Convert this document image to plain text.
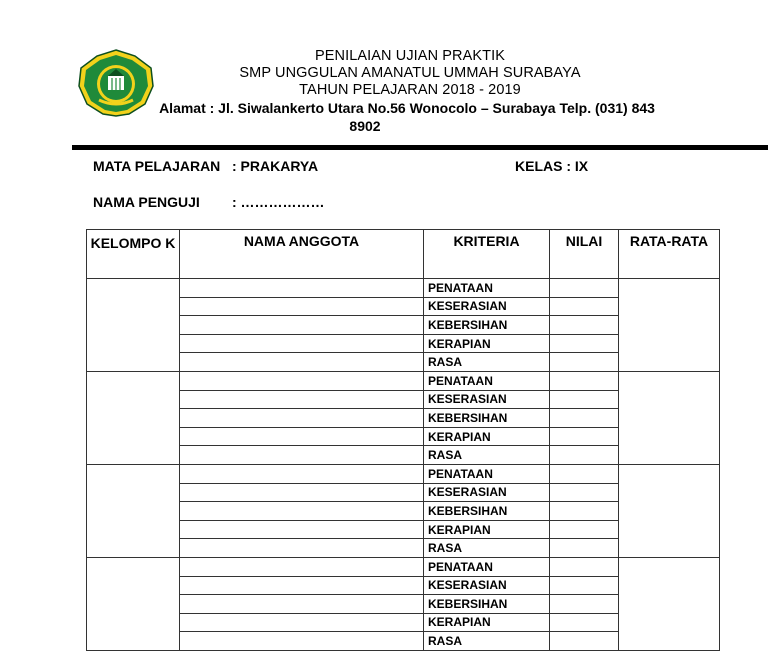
PENILAIAN UJIAN PRAKTIK
SMP UNGGULAN AMANATUL UMMAH SURABAYA
TAHUN PELAJARAN 2018 - 2019
Alamat : Jl. Siwalankerto Utara No.56 Wonocolo – Surabaya Telp. (031) 843
8902
MATA PELAJARAN : PRAKARYA	KELAS : IX
NAMA PENGUJI : ………………
KELOMPO K	NAMA ANGGOTA	KRITERIA	NILAI	RATA-RATA
		PENATAAN		
		KESERASIAN		
		KEBERSIHAN		
		KERAPIAN		
		RASA		
		PENATAAN		
		KESERASIAN		
		KEBERSIHAN		
		KERAPIAN		
		RASA		
		PENATAAN		
		KESERASIAN		
		KEBERSIHAN		
		KERAPIAN		
		RASA		
		PENATAAN		
		KESERASIAN		
		KEBERSIHAN		
		KERAPIAN		
		RASA		
